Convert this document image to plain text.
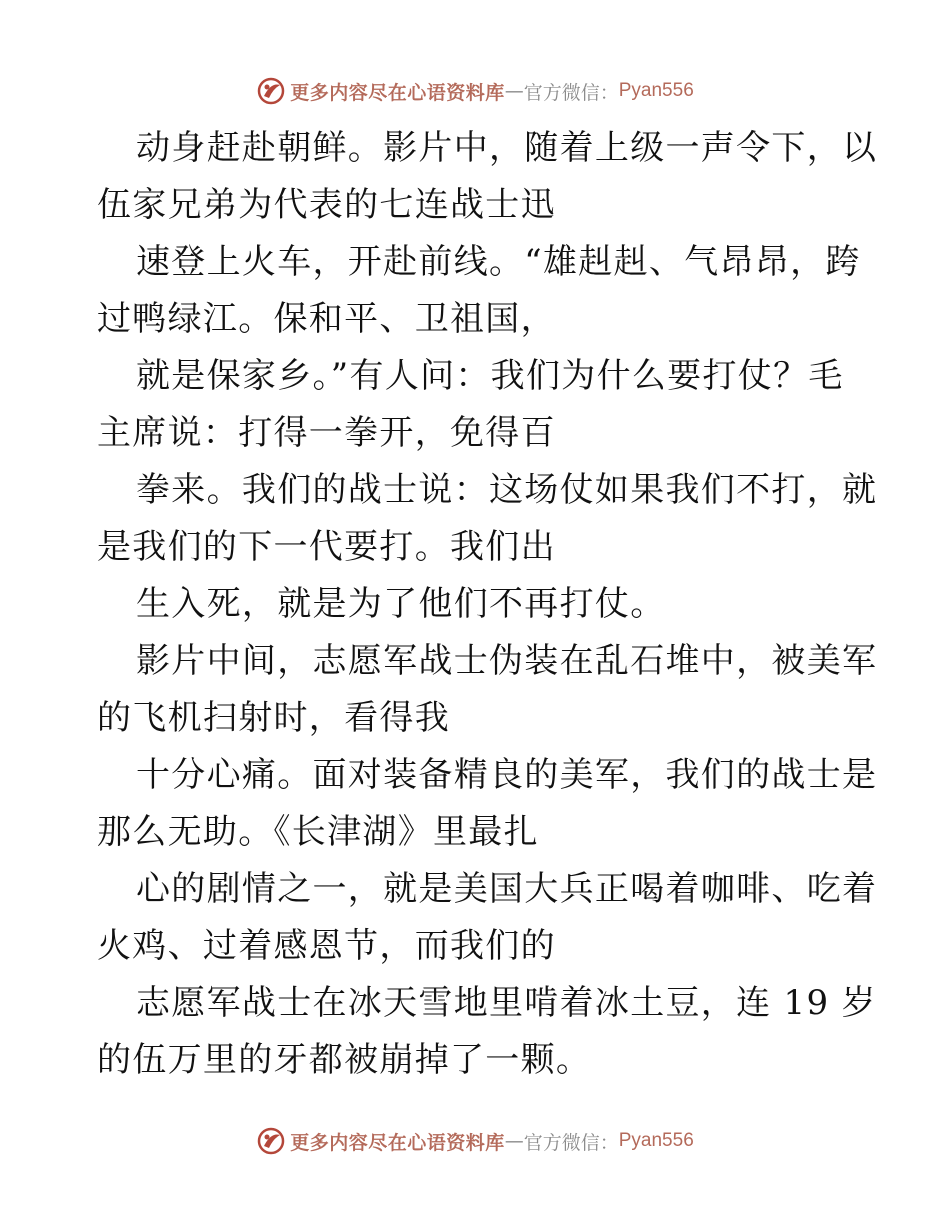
更多内容尽在心语资料库 — 官方微信： Pyan556
动身赶赴朝鲜。影片中，随着上级一声令下，以
伍家兄弟为代表的七连战士迅
速登上火车，开赴前线。“雄赳赳、气昂昂，跨
过鸭绿江。保和平、卫祖国，
就是保家乡。”有人问：我们为什么要打仗？毛
主席说：打得一拳开，免得百
拳来。我们的战士说：这场仗如果我们不打，就
是我们的下一代要打。我们出
生入死，就是为了他们不再打仗。
影片中间，志愿军战士伪装在乱石堆中，被美军
的飞机扫射时，看得我
十分心痛。面对装备精良的美军，我们的战士是
那么无助。《长津湖》里最扎
心的剧情之一，就是美国大兵正喝着咖啡、吃着
火鸡、过着感恩节，而我们的
志愿军战士在冰天雪地里啃着冰土豆，连 19 岁
的伍万里的牙都被崩掉了一颗。
更多内容尽在心语资料库 — 官方微信： Pyan556
